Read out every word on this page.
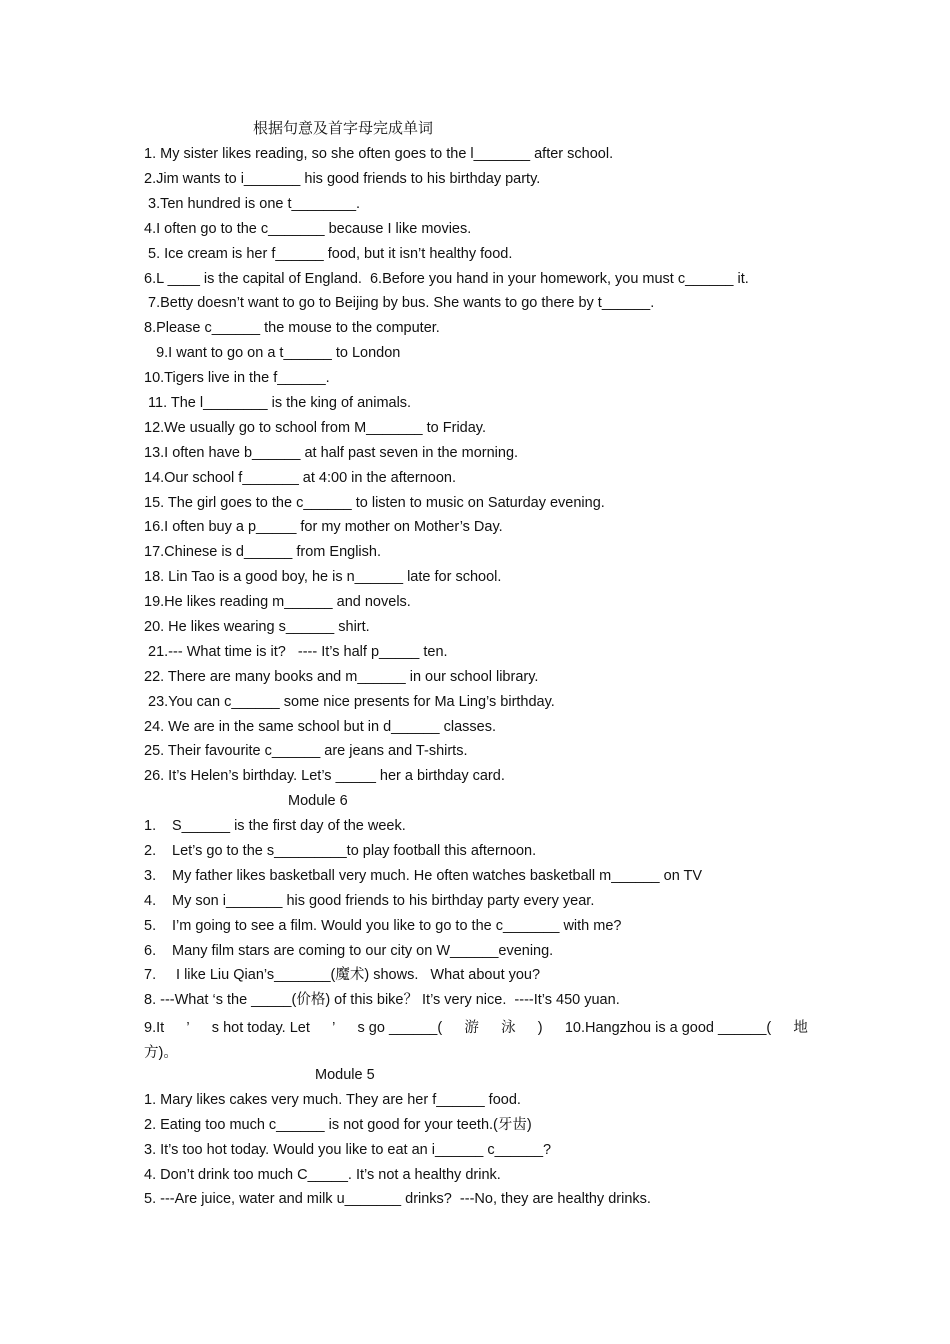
根据句意及首字母完成单词
1. My sister likes reading, so she often goes to the l_______ after school.
2.Jim wants to i_______ his good friends to his birthday party.
3.Ten hundred is one t________.
4.I often go to the c_______ because I like movies.
5. Ice cream is her f______ food, but it isn’t healthy food.
6.L ____ is the capital of England.  6.Before you hand in your homework, you must c______ it.
7.Betty doesn’t want to go to Beijing by bus. She wants to go there by t______.
8.Please c______ the mouse to the computer.
9.I want to go on a t______ to London
10.Tigers live in the f______.
11. The l________ is the king of animals.
12.We usually go to school from M_______ to Friday.
13.I often have b______ at half past seven in the morning.
14.Our school f_______ at 4:00 in the afternoon.
15. The girl goes to the c______ to listen to music on Saturday evening.
16.I often buy a p_____ for my mother on Mother’s Day.
17.Chinese is d______ from English.
18. Lin Tao is a good boy, he is n______ late for school.
19.He likes reading m______ and novels.
20. He likes wearing s______ shirt.
21.--- What time is it?   ---- It’s half p_____ ten.
22. There are many books and m______ in our school library.
23.You can c______ some nice presents for Ma Ling’s birthday.
24. We are in the same school but in d______ classes.
25. Their favourite c______ are jeans and T-shirts.
26. It’s Helen’s birthday. Let’s _____ her a birthday card.
Module 6
1. S______ is the first day of the week.
2. Let’s go to the s_________to play football this afternoon.
3. My father likes basketball very much. He often watches basketball m______ on TV
4. My son i_______ his good friends to his birthday party every year.
5. I’m going to see a film. Would you like to go to the c_______ with me?
6. Many film stars are coming to our city on W______evening.
7. I like Liu Qian’s_______(魔术) shows.   What about you?
8. ---What ‘s the _____(价格) of this bike？ It’s very nice.  ----It’s 450 yuan.
9.It ’ s hot today. Let ’ s go ______( 游 泳 ) 10.Hangzhou is a good ______( 地
方)。
Module 5
1. Mary likes cakes very much. They are her f______ food.
2. Eating too much c______ is not good for your teeth.(牙齿)
3. It’s too hot today. Would you like to eat an i______ c______?
4. Don’t drink too much C_____. It’s not a healthy drink.
5. ---Are juice, water and milk u_______ drinks?  ---No, they are healthy drinks.
